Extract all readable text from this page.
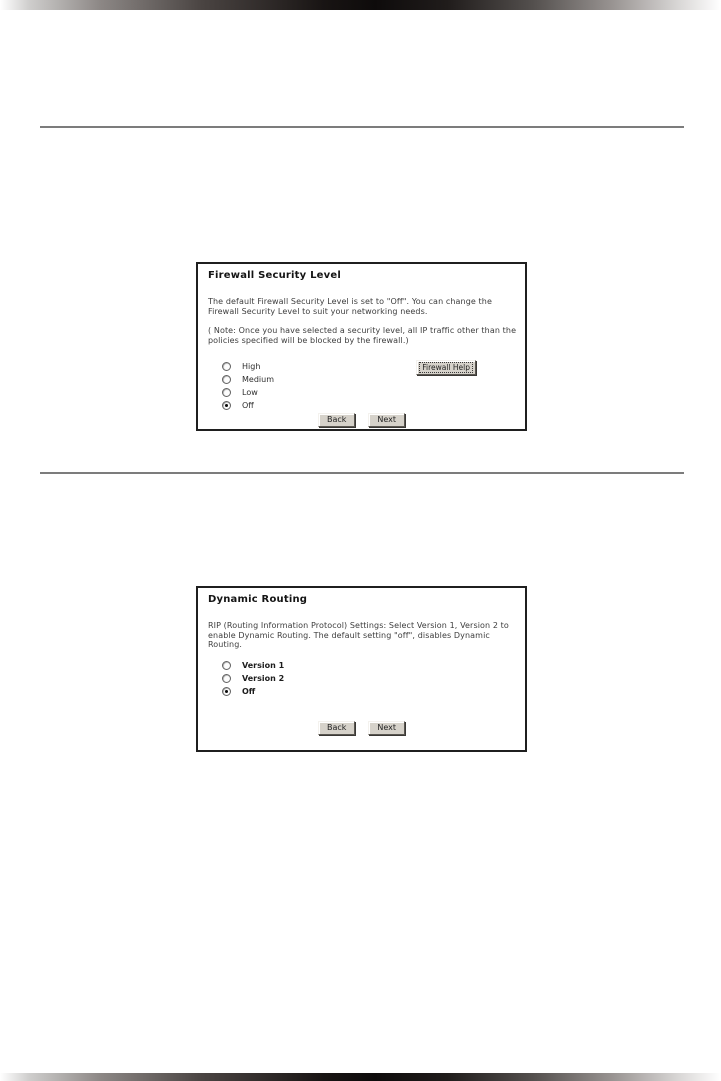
Firewall Security Level
The default Firewall Security Level is set to "Off". You can change the Firewall Security Level to suit your networking needs.
( Note: Once you have selected a security level, all IP traffic other than the policies specified will be blocked by the firewall.)
High
Medium
Low
Off
Firewall Help
Back	Next
Dynamic Routing
RIP (Routing Information Protocol) Settings: Select Version 1, Version 2 to enable Dynamic Routing. The default setting "off", disables Dynamic Routing.
Version 1
Version 2
Off
Back	Next
